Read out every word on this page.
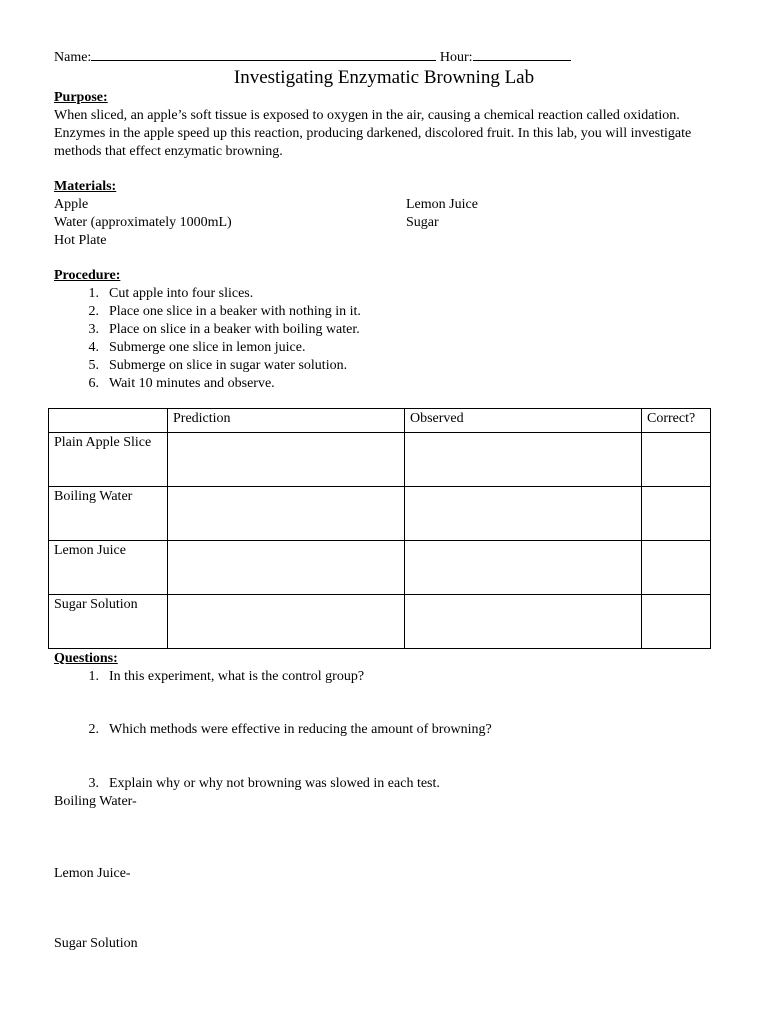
Name:	Hour:
Investigating Enzymatic Browning Lab
Purpose:
When sliced, an apple’s soft tissue is exposed to oxygen in the air, causing a chemical reaction called oxidation. Enzymes in the apple speed up this reaction, producing darkened, discolored fruit. In this lab, you will investigate methods that effect enzymatic browning.
Materials:
Apple
Water (approximately 1000mL)
Hot Plate
Lemon Juice
Sugar
Procedure:
1. Cut apple into four slices.
2. Place one slice in a beaker with nothing in it.
3. Place on slice in a beaker with boiling water.
4. Submerge one slice in lemon juice.
5. Submerge on slice in sugar water solution.
6. Wait 10 minutes and observe.
	Prediction	Observed	Correct?
Plain Apple Slice			
Boiling Water			
Lemon Juice			
Sugar Solution			
Questions:
1. In this experiment, what is the control group?
2. Which methods were effective in reducing the amount of browning?
3. Explain why or why not browning was slowed in each test.
Boiling Water-
Lemon Juice-
Sugar Solution
